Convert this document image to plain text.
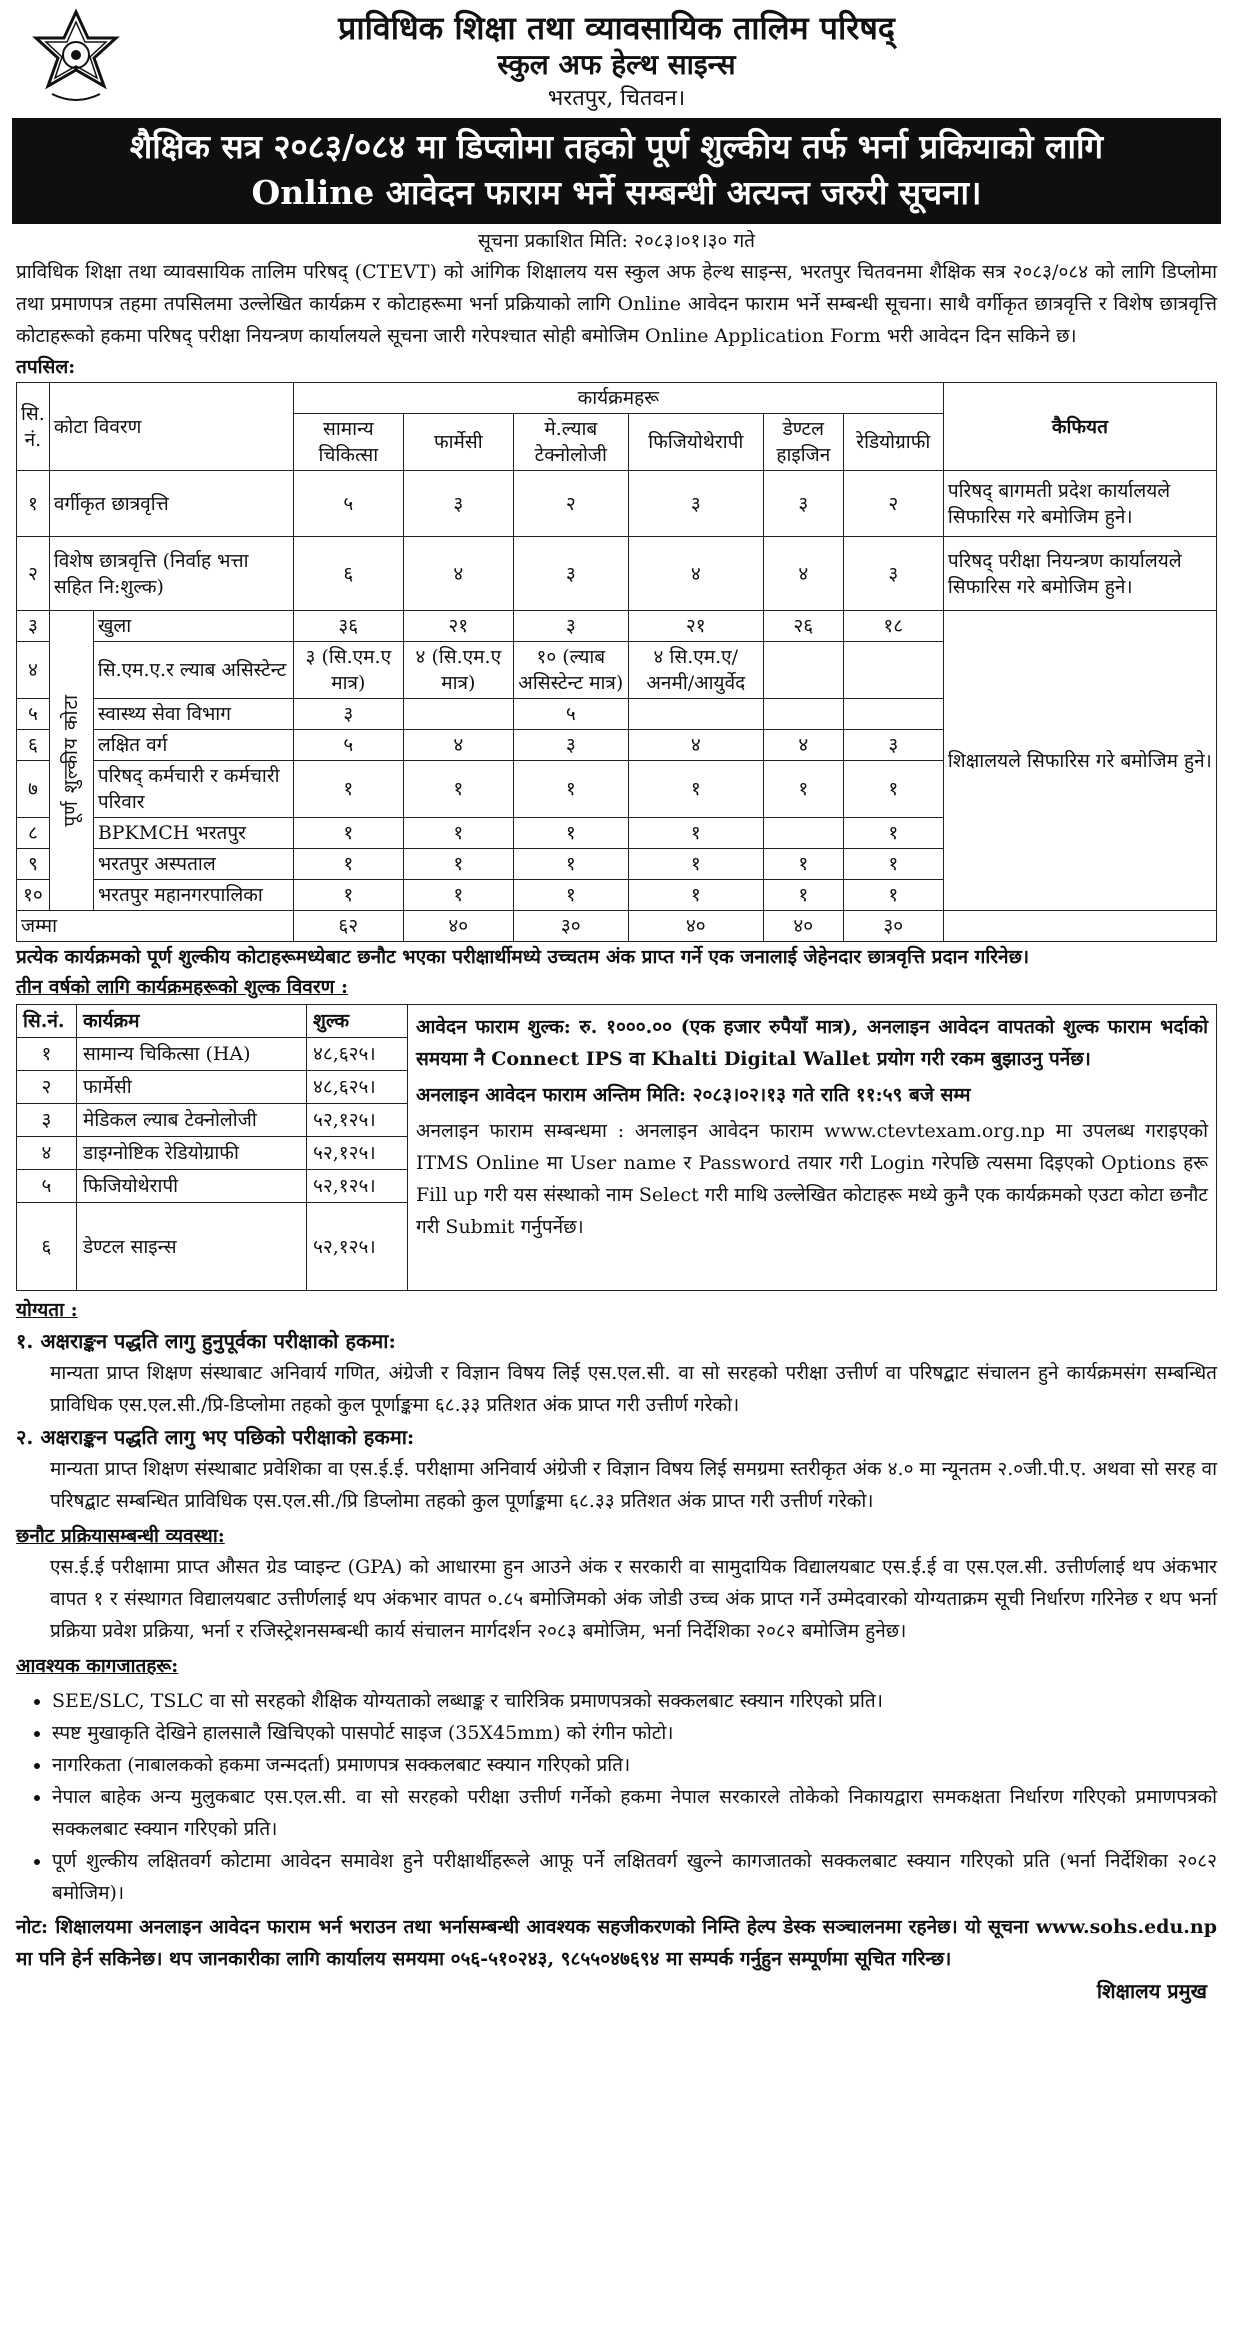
प्राविधिक शिक्षा तथा व्यावसायिक तालिम परिषद्
स्कुल अफ हेल्थ साइन्स
भरतपुर, चितवन।
शैक्षिक सत्र २०८३/०८४ मा डिप्लोमा तहको पूर्ण शुल्कीय तर्फ भर्ना प्रकियाको लागि
Online आवेदन फाराम भर्ने सम्बन्धी अत्यन्त जरुरी सूचना।
सूचना प्रकाशित मिति: २०८३।०१।३० गते
प्राविधिक शिक्षा तथा व्यावसायिक तालिम परिषद् (CTEVT) को आंगिक शिक्षालय यस स्कुल अफ हेल्थ साइन्स, भरतपुर चितवनमा शैक्षिक सत्र २०८३/०८४ को लागि डिप्लोमा तथा प्रमाणपत्र तहमा तपसिलमा उल्लेखित कार्यक्रम र कोटाहरूमा भर्ना प्रक्रियाको लागि Online आवेदन फाराम भर्ने सम्बन्धी सूचना। साथै वर्गीकृत छात्रवृत्ति र विशेष छात्रवृत्ति कोटाहरूको हकमा परिषद् परीक्षा नियन्त्रण कार्यालयले सूचना जारी गरेपश्चात सोही बमोजिम Online Application Form भरी आवेदन दिन सकिने छ।
तपसिल:
सि. नं.	कोटा विवरण		कार्यक्रमहरू						कैफियत
			सामान्य चिकित्सा	फार्मेसी	मे.ल्याब टेक्नोलोजी	फिजियोथेरापी	डेण्टल हाइजिन	रेडियोग्राफी	
१	वर्गीकृत छात्रवृत्ति		५	३	२	३	३	२	परिषद् बागमती प्रदेश कार्यालयले सिफारिस गरे बमोजिम हुने।
२	विशेष छात्रवृत्ति (निर्वाह भत्ता सहित नि:शुल्क)		६	४	३	४	४	३	परिषद् परीक्षा नियन्त्रण कार्यालयले सिफारिस गरे बमोजिम हुने।
३	पूर्ण शुल्कीय कोटा	खुला	३६	२१	३	२१	२६	१८	शिक्षालयले सिफारिस गरे बमोजिम हुने।
४		सि.एम.ए.र ल्याब असिस्टेन्ट	३ (सि.एम.ए मात्र)	४ (सि.एम.ए मात्र)	१० (ल्याब असिस्टेन्ट मात्र)	४ सि.एम.ए/ अनमी/आयुर्वेद			
५		स्वास्थ्य सेवा विभाग	३		५				
६		लक्षित वर्ग	५	४	३	४	४	३	
७		परिषद् कर्मचारी र कर्मचारी परिवार	१	१	१	१	१	१	
८		BPKMCH भरतपुर	१	१	१	१		१	
९		भरतपुर अस्पताल	१	१	१	१	१	१	
१०		भरतपुर महानगरपालिका	१	१	१	१	१	१	
जम्मा			६२	४०	३०	४०	४०	३०	
प्रत्येक कार्यक्रमको पूर्ण शुल्कीय कोटाहरूमध्येबाट छनौट भएका परीक्षार्थीमध्ये उच्चतम अंक प्राप्त गर्ने एक जनालाई जेहेनदार छात्रवृत्ति प्रदान गरिनेछ।
तीन वर्षको लागि कार्यक्रमहरूको शुल्क विवरण :
सि.नं.	कार्यक्रम	शुल्क
१	सामान्य चिकित्सा (HA)	४८,६२५।
२	फार्मेसी	४८,६२५।
३	मेडिकल ल्याब टेक्नोलोजी	५२,१२५।
४	डाइग्नोष्टिक रेडियोग्राफी	५२,१२५।
५	फिजियोथेरापी	५२,१२५।
६	डेण्टल साइन्स	५२,१२५।

आवेदन फाराम शुल्क: रु. १०००.०० (एक हजार रुपैयाँ मात्र), अनलाइन आवेदन वापतको शुल्क फाराम भर्दाको समयमा नै Connect IPS वा Khalti Digital Wallet प्रयोग गरी रकम बुझाउनु पर्नेछ।

अनलाइन आवेदन फाराम अन्तिम मिति: २०८३।०२।१३ गते राति ११:५९ बजे सम्म

अनलाइन फाराम सम्बन्धमा : अनलाइन आवेदन फाराम www.ctevtexam.org.np मा उपलब्ध गराइएको ITMS Online मा User name र Password तयार गरी Login गरेपछि त्यसमा दिइएको Options हरू Fill up गरी यस संस्थाको नाम Select गरी माथि उल्लेखित कोटाहरू मध्ये कुनै एक कार्यक्रमको एउटा कोटा छनौट गरी Submit गर्नुपर्नेछ।

योग्यता :
१. अक्षराङ्कन पद्धति लागु हुनुपूर्वका परीक्षाको हकमा:
मान्यता प्राप्त शिक्षण संस्थाबाट अनिवार्य गणित, अंग्रेजी र विज्ञान विषय लिई एस.एल.सी. वा सो सरहको परीक्षा उत्तीर्ण वा परिषद्बाट संचालन हुने कार्यक्रमसंग सम्बन्धित प्राविधिक एस.एल.सी./प्रि-डिप्लोमा तहको कुल पूर्णाङ्कमा ६८.३३ प्रतिशत अंक प्राप्त गरी उत्तीर्ण गरेको।
२. अक्षराङ्कन पद्धति लागु भए पछिको परीक्षाको हकमा:
मान्यता प्राप्त शिक्षण संस्थाबाट प्रवेशिका वा एस.ई.ई. परीक्षामा अनिवार्य अंग्रेजी र विज्ञान विषय लिई समग्रमा स्तरीकृत अंक ४.० मा न्यूनतम २.०जी.पी.ए. अथवा सो सरह वा परिषद्बाट सम्बन्धित प्राविधिक एस.एल.सी./प्रि डिप्लोमा तहको कुल पूर्णाङ्कमा ६८.३३ प्रतिशत अंक प्राप्त गरी उत्तीर्ण गरेको।
छनौट प्रक्रियासम्बन्धी व्यवस्था:
एस.ई.ई परीक्षामा प्राप्त औसत ग्रेड प्वाइन्ट (GPA) को आधारमा हुन आउने अंक र सरकारी वा सामुदायिक विद्यालयबाट एस.ई.ई वा एस.एल.सी. उत्तीर्णलाई थप अंकभार वापत १ र संस्थागत विद्यालयबाट उत्तीर्णलाई थप अंकभार वापत ०.८५ बमोजिमको अंक जोडी उच्च अंक प्राप्त गर्ने उम्मेदवारको योग्यताक्रम सूची निर्धारण गरिनेछ र थप भर्ना प्रक्रिया प्रवेश प्रक्रिया, भर्ना र रजिस्ट्रेशनसम्बन्धी कार्य संचालन मार्गदर्शन २०८३ बमोजिम, भर्ना निर्देशिका २०८२ बमोजिम हुनेछ।
आवश्यक कागजातहरू:
• SEE/SLC, TSLC वा सो सरहको शैक्षिक योग्यताको लब्धाङ्क र चारित्रिक प्रमाणपत्रको सक्कलबाट स्क्यान गरिएको प्रति।
• स्पष्ट मुखाकृति देखिने हालसालै खिचिएको पासपोर्ट साइज (35X45mm) को रंगीन फोटो।
• नागरिकता (नाबालकको हकमा जन्मदर्ता) प्रमाणपत्र सक्कलबाट स्क्यान गरिएको प्रति।
• नेपाल बाहेक अन्य मुलुकबाट एस.एल.सी. वा सो सरहको परीक्षा उत्तीर्ण गर्नेको हकमा नेपाल सरकारले तोकेको निकायद्वारा समकक्षता निर्धारण गरिएको प्रमाणपत्रको सक्कलबाट स्क्यान गरिएको प्रति।
• पूर्ण शुल्कीय लक्षितवर्ग कोटामा आवेदन समावेश हुने परीक्षार्थीहरूले आफू पर्ने लक्षितवर्ग खुल्ने कागजातको सक्कलबाट स्क्यान गरिएको प्रति (भर्ना निर्देशिका २०८२ बमोजिम)।
नोट: शिक्षालयमा अनलाइन आवेदन फाराम भर्न भराउन तथा भर्नासम्बन्धी आवश्यक सहजीकरणको निम्ति हेल्प डेस्क सञ्चालनमा रहनेछ। यो सूचना www.sohs.edu.np मा पनि हेर्न सकिनेछ। थप जानकारीका लागि कार्यालय समयमा ०५६-५१०२४३, ९८५५०४७६९४ मा सम्पर्क गर्नुहुन सम्पूर्णमा सूचित गरिन्छ।
शिक्षालय प्रमुख
